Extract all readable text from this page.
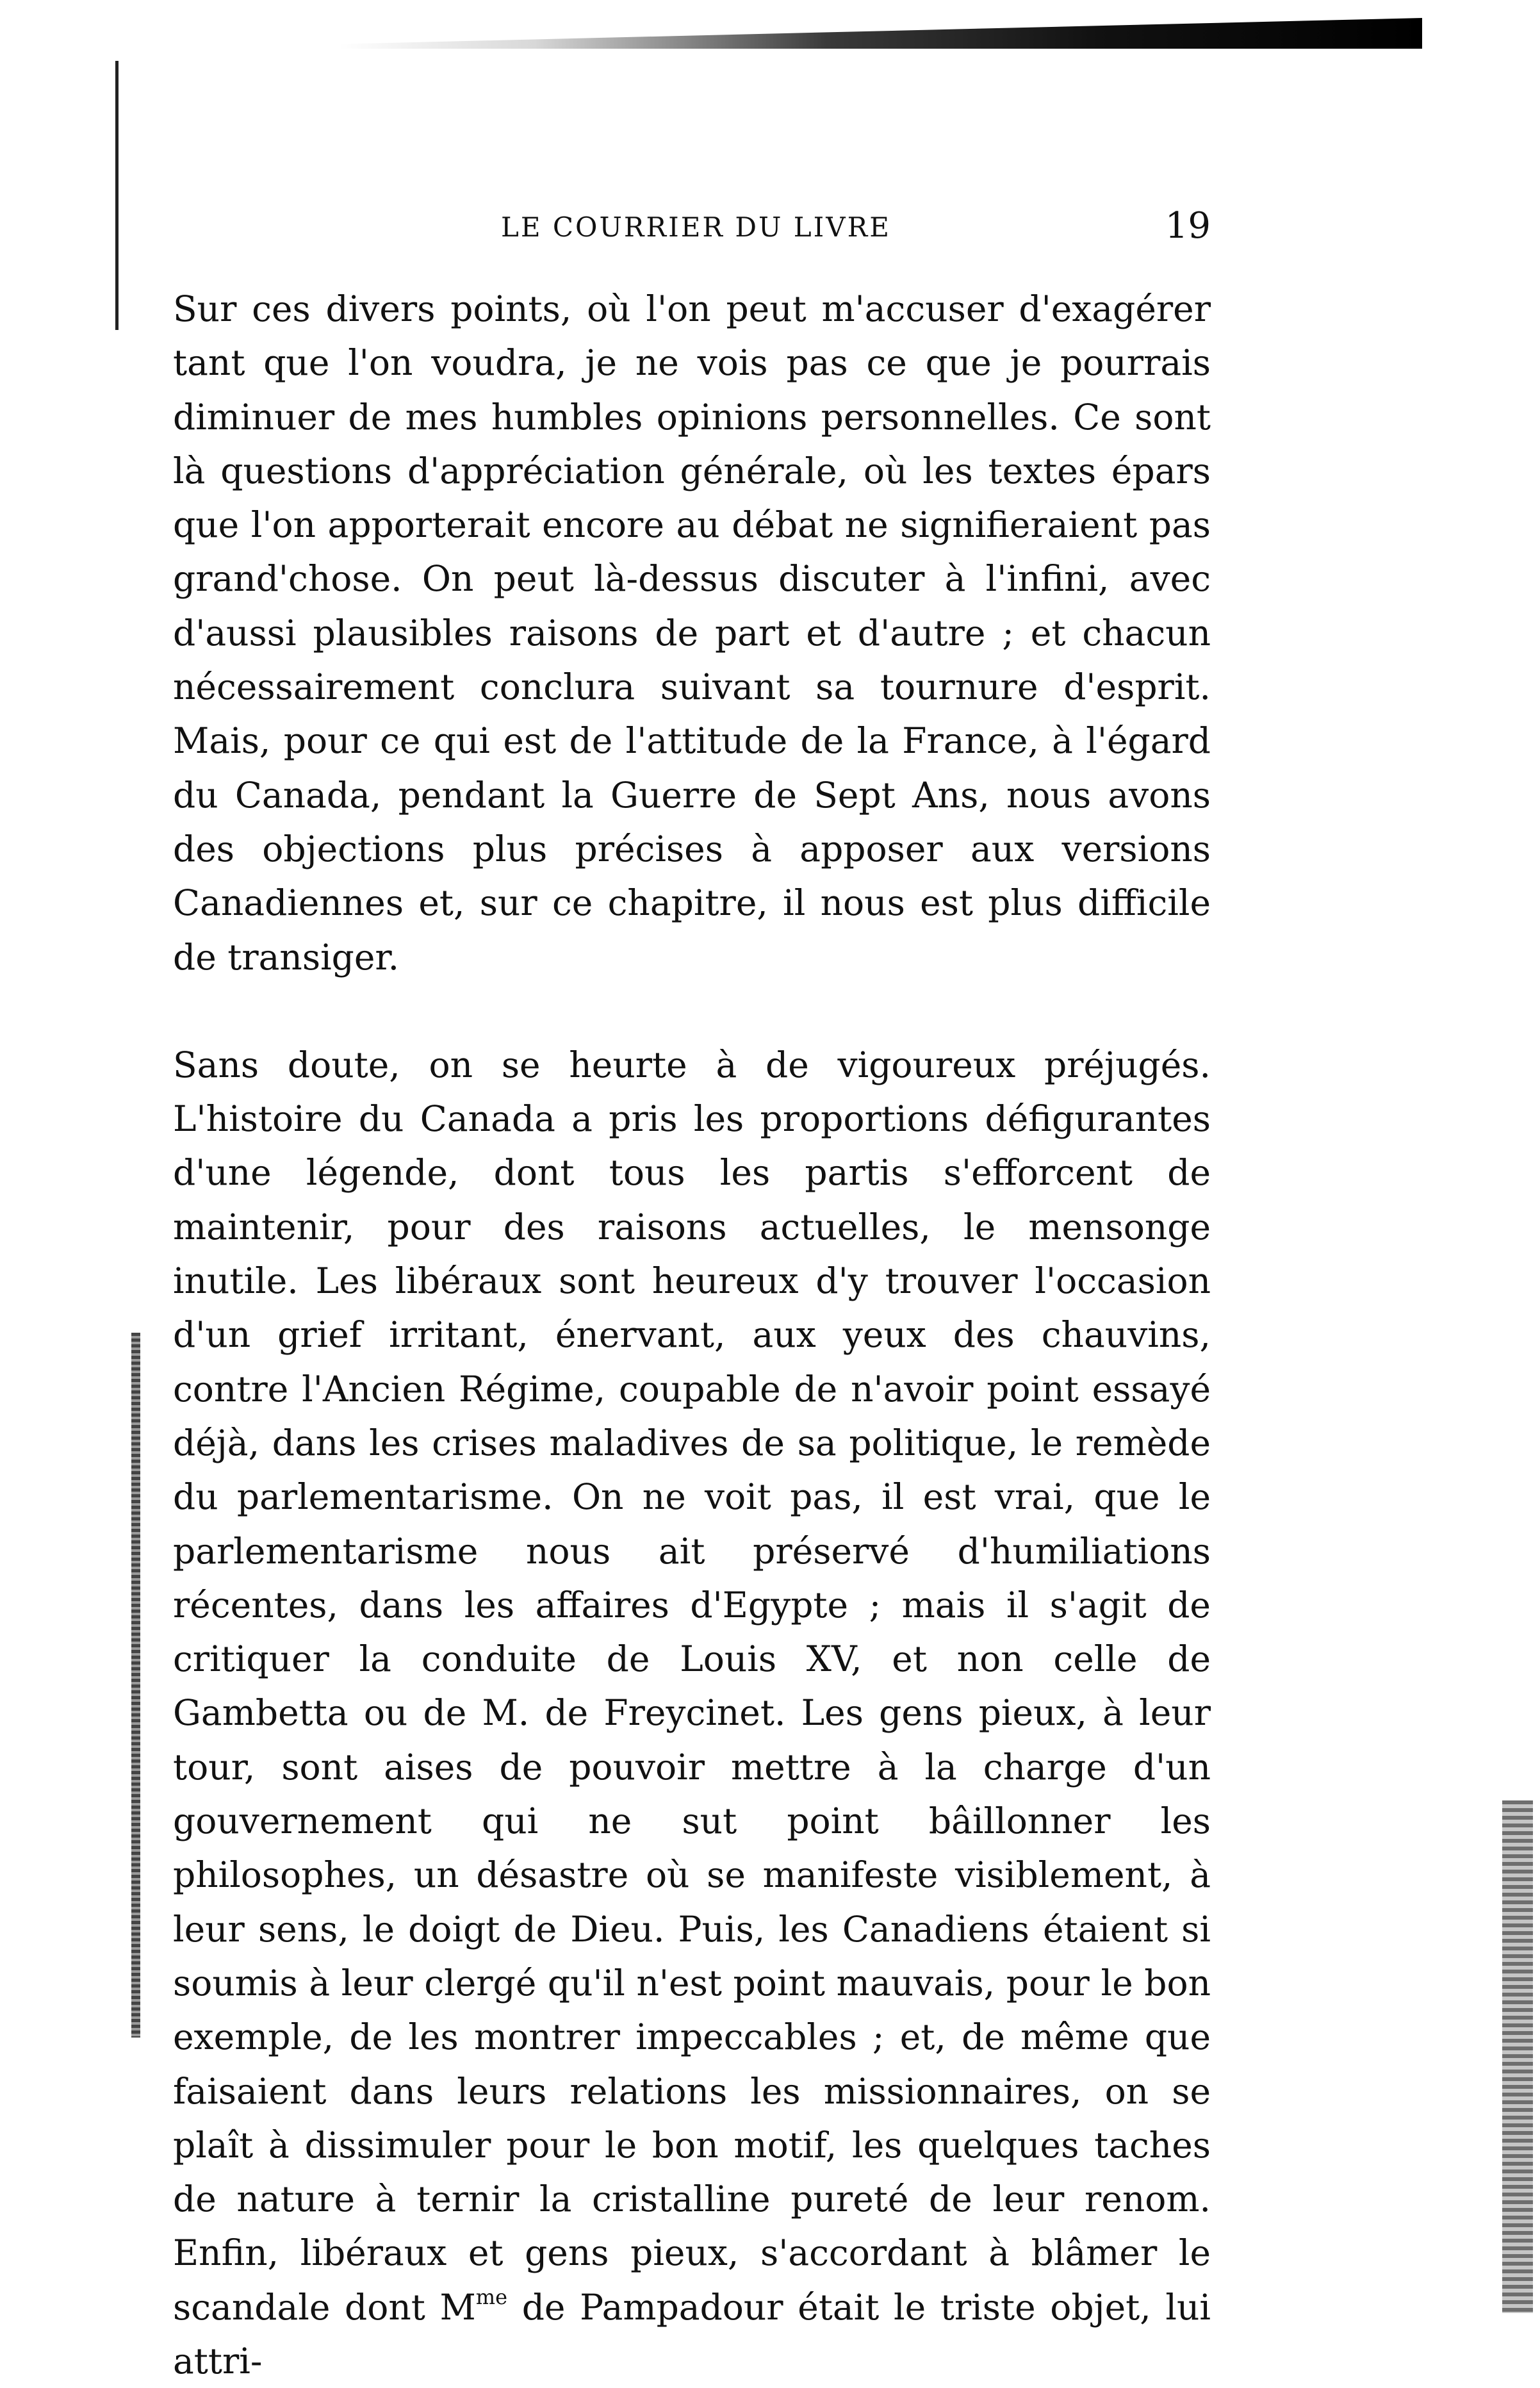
LE COURRIER DU LIVRE	19

Sur ces divers points, où l'on peut m'accuser d'exagérer tant que l'on voudra, je ne vois pas ce que je pourrais diminuer de mes humbles opinions personnelles. Ce sont là questions d'appréciation générale, où les textes épars que l'on apporterait encore au débat ne signifieraient pas grand'chose. On peut là-dessus discuter à l'infini, avec d'aussi plausibles raisons de part et d'autre ; et chacun nécessairement conclura suivant sa tournure d'esprit. Mais, pour ce qui est de l'attitude de la France, à l'égard du Canada, pendant la Guerre de Sept Ans, nous avons des objections plus précises à apposer aux versions Canadiennes et, sur ce chapitre, il nous est plus difficile de transiger.

Sans doute, on se heurte à de vigoureux préjugés. L'histoire du Canada a pris les proportions défigurantes d'une légende, dont tous les partis s'efforcent de maintenir, pour des raisons actuelles, le mensonge inutile. Les libéraux sont heureux d'y trouver l'occasion d'un grief irritant, énervant, aux yeux des chauvins, contre l'Ancien Régime, coupable de n'avoir point essayé déjà, dans les crises maladives de sa politique, le remède du parlementarisme. On ne voit pas, il est vrai, que le parlementarisme nous ait préservé d'humiliations récentes, dans les affaires d'Egypte ; mais il s'agit de critiquer la conduite de Louis XV, et non celle de Gambetta ou de M. de Freycinet. Les gens pieux, à leur tour, sont aises de pouvoir mettre à la charge d'un gouvernement qui ne sut point bâillonner les philosophes, un désastre où se manifeste visiblement, à leur sens, le doigt de Dieu. Puis, les Canadiens étaient si soumis à leur clergé qu'il n'est point mauvais, pour le bon exemple, de les montrer impeccables ; et, de même que faisaient dans leurs relations les missionnaires, on se plaît à dissimuler pour le bon motif, les quelques taches de nature à ternir la cristalline pureté de leur renom. Enfin, libéraux et gens pieux, s'accordant à blâmer le scandale dont $M^{me}$ de Pampadour était le triste objet, lui attri-
